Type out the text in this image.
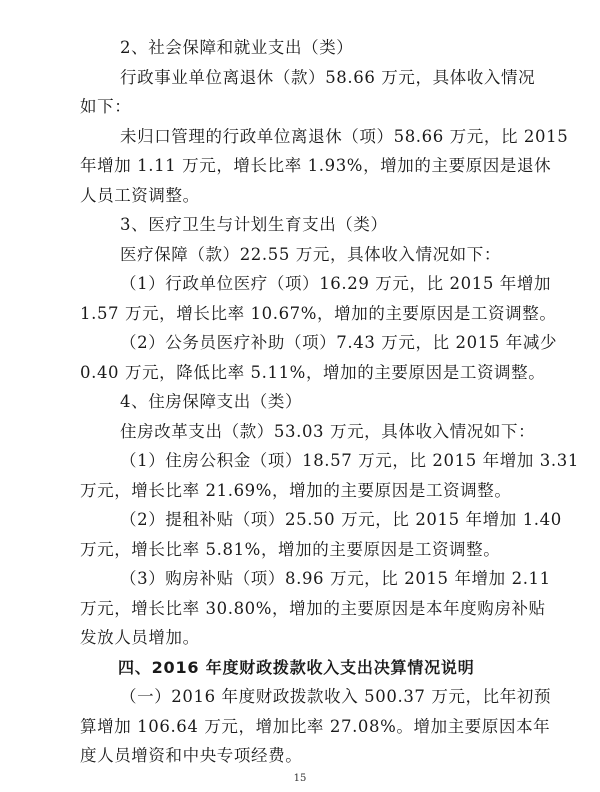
2、社会保障和就业支出（类）
行政事业单位离退休（款）58.66 万元，具体收入情况
如下：
未归口管理的行政单位离退休（项）58.66 万元，比 2015
年增加 1.11 万元，增长比率 1.93%，增加的主要原因是退休
人员工资调整。
3、医疗卫生与计划生育支出（类）
医疗保障（款）22.55 万元，具体收入情况如下：
（1）行政单位医疗（项）16.29 万元，比 2015 年增加
1.57 万元，增长比率 10.67%，增加的主要原因是工资调整。
（2）公务员医疗补助（项）7.43 万元，比 2015 年减少
0.40 万元，降低比率 5.11%，增加的主要原因是工资调整。
4、住房保障支出（类）
住房改革支出（款）53.03 万元，具体收入情况如下：
（1）住房公积金（项）18.57 万元，比 2015 年增加 3.31
万元，增长比率 21.69%，增加的主要原因是工资调整。
（2）提租补贴（项）25.50 万元，比 2015 年增加 1.40
万元，增长比率 5.81%，增加的主要原因是工资调整。
（3）购房补贴（项）8.96 万元，比 2015 年增加 2.11
万元，增长比率 30.80%，增加的主要原因是本年度购房补贴
发放人员增加。
四、2016 年度财政拨款收入支出决算情况说明
（一）2016 年度财政拨款收入 500.37 万元，比年初预
算增加 106.64 万元，增加比率 27.08%。增加主要原因本年
度人员增资和中央专项经费。
15
